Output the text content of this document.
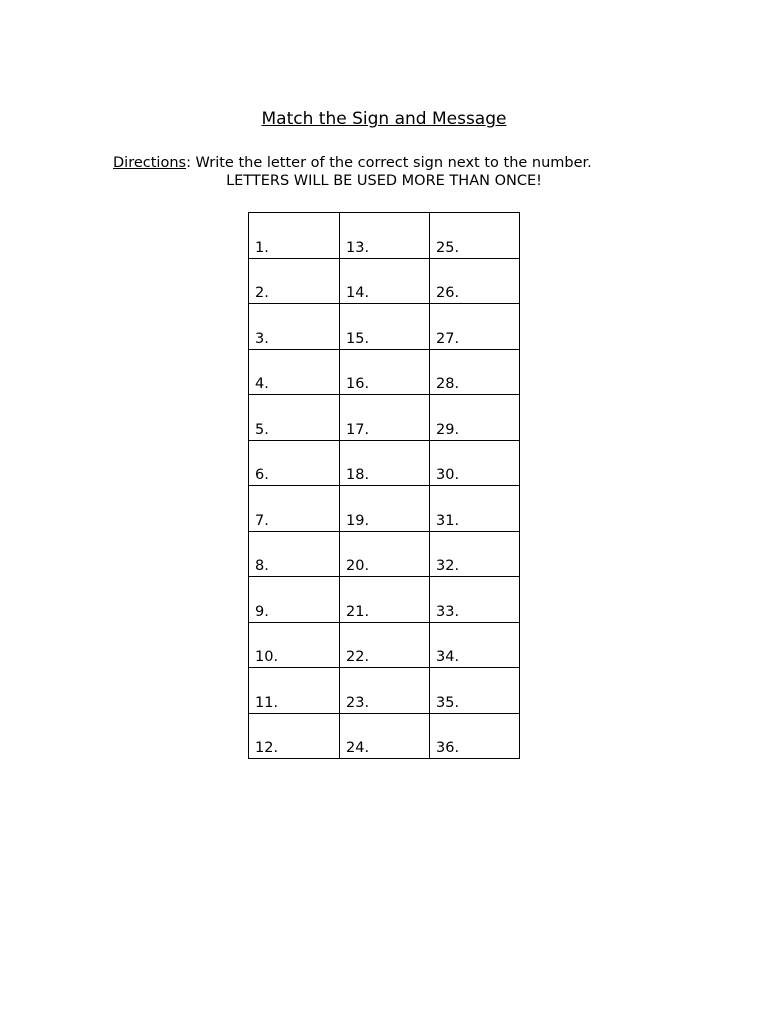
Match the Sign and Message
Directions: Write the letter of the correct sign next to the number.
LETTERS WILL BE USED MORE THAN ONCE!
1.	13.	25.
2.	14.	26.
3.	15.	27.
4.	16.	28.
5.	17.	29.
6.	18.	30.
7.	19.	31.
8.	20.	32.
9.	21.	33.
10.	22.	34.
11.	23.	35.
12.	24.	36.
